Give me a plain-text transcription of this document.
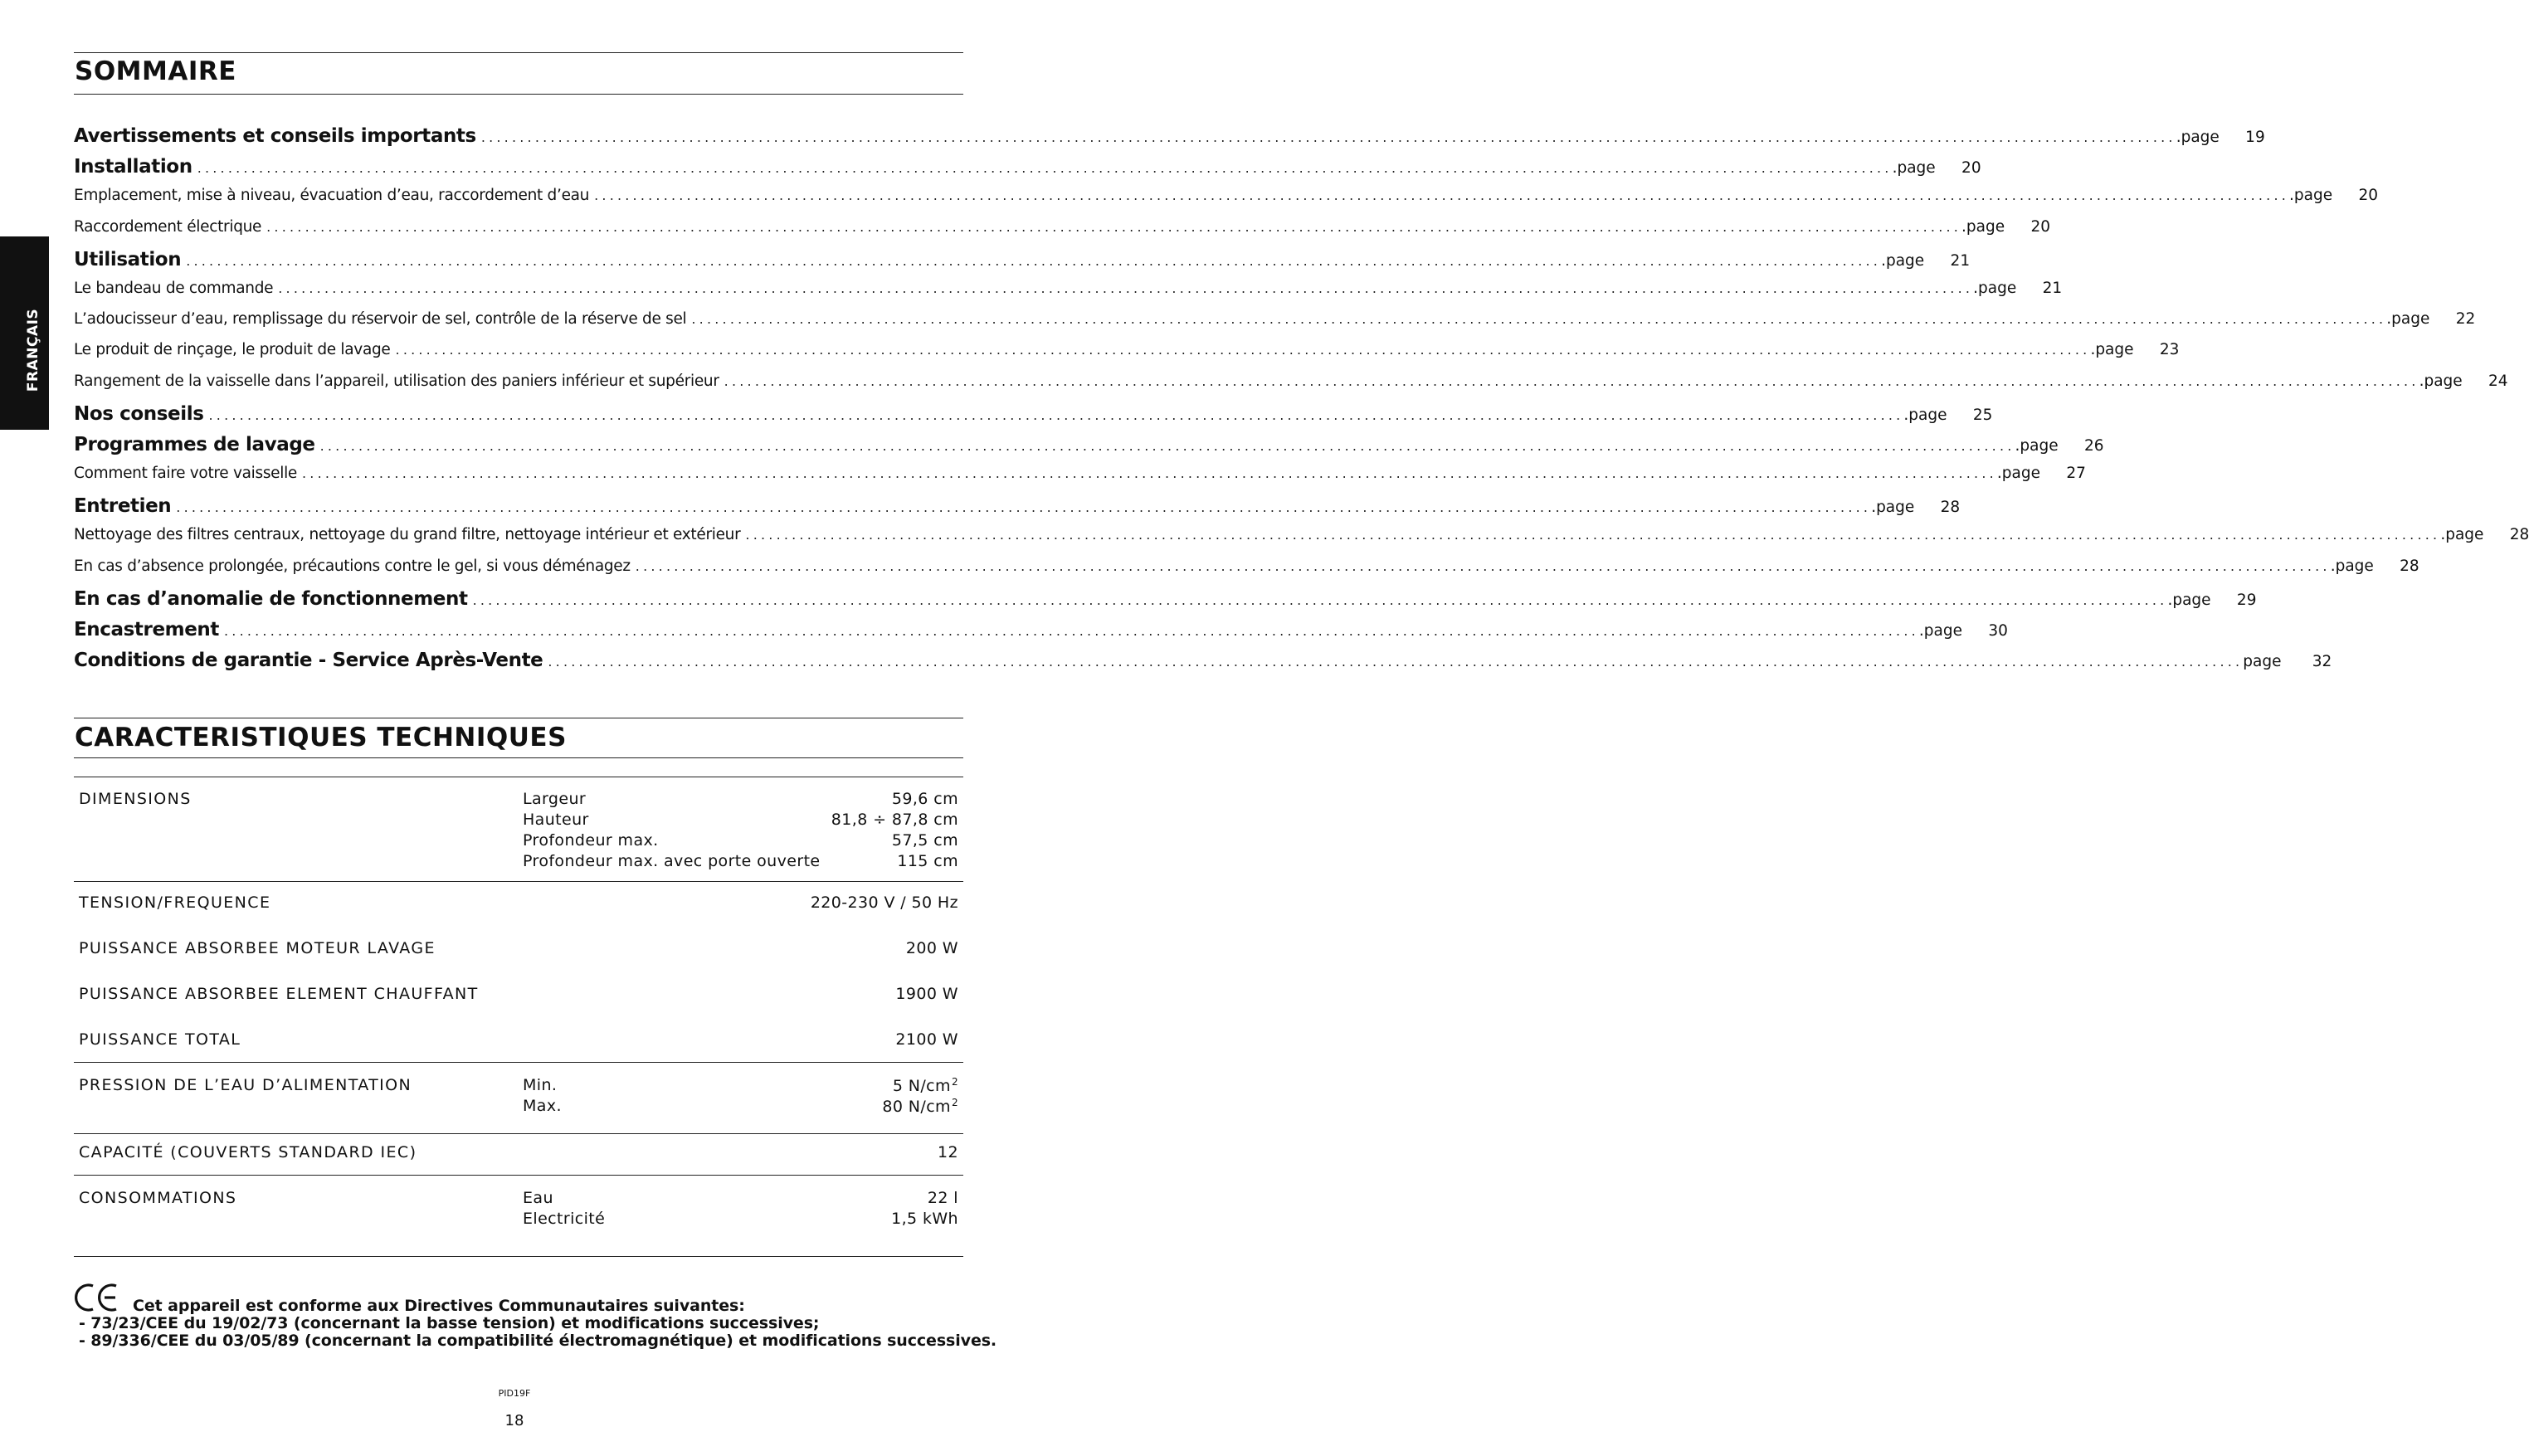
FRANÇAIS
SOMMAIRE
Avertissements et conseils importants ............................................................................................................................................................................................................................ .page	19
Installation ............................................................................................................................................................................................................................ .page	20
Emplacement, mise à niveau, évacuation d’eau, raccordement d’eau ............................................................................................................................................................................................................................ .page	20
Raccordement électrique ............................................................................................................................................................................................................................ .page	20
Utilisation ............................................................................................................................................................................................................................ .page	21
Le bandeau de commande ............................................................................................................................................................................................................................ .page	21
L’adoucisseur d’eau, remplissage du réservoir de sel, contrôle de la réserve de sel ............................................................................................................................................................................................................................ .page	22
Le produit de rinçage, le produit de lavage ............................................................................................................................................................................................................................ .page	23
Rangement de la vaisselle dans l’appareil, utilisation des paniers inférieur et supérieur ............................................................................................................................................................................................................................ .page	24
Nos conseils ............................................................................................................................................................................................................................ .page	25
Programmes de lavage ............................................................................................................................................................................................................................ .page	26
Comment faire votre vaisselle ............................................................................................................................................................................................................................ .page	27
Entretien ............................................................................................................................................................................................................................ .page	28
Nettoyage des filtres centraux, nettoyage du grand filtre, nettoyage intérieur et extérieur ............................................................................................................................................................................................................................ .page	28
En cas d’absence prolongée, précautions contre le gel, si vous déménagez ............................................................................................................................................................................................................................ .page	28
En cas d’anomalie de fonctionnement ............................................................................................................................................................................................................................ .page	29
Encastrement ............................................................................................................................................................................................................................ .page	30
Conditions de garantie - Service Après-Vente ............................................................................................................................................................................................................................ page	32
CARACTERISTIQUES TECHNIQUES
DIMENSIONS	Largeur	59,6 cm
Hauteur	81,8 ÷ 87,8 cm
Profondeur max.	57,5 cm
Profondeur max. avec porte ouverte	115 cm
TENSION/FREQUENCE	220-230 V / 50 Hz
PUISSANCE ABSORBEE MOTEUR LAVAGE	200 W
PUISSANCE ABSORBEE ELEMENT CHAUFFANT	1900 W
PUISSANCE TOTAL	2100 W
PRESSION DE L’EAU D’ALIMENTATION	Min.	5 $N/cm^2$
Max.	80 $N/cm^2$
CAPACITÉ (COUVERTS STANDARD IEC)	12
CONSOMMATIONS	Eau	22 l
Electricité	1,5 kWh
Cet appareil est conforme aux Directives Communautaires suivantes:
- 73/23/CEE du 19/02/73 (concernant la basse tension) et modifications successives;
- 89/336/CEE du 03/05/89 (concernant la compatibilité électromagnétique) et modifications successives.
PID19F
18
